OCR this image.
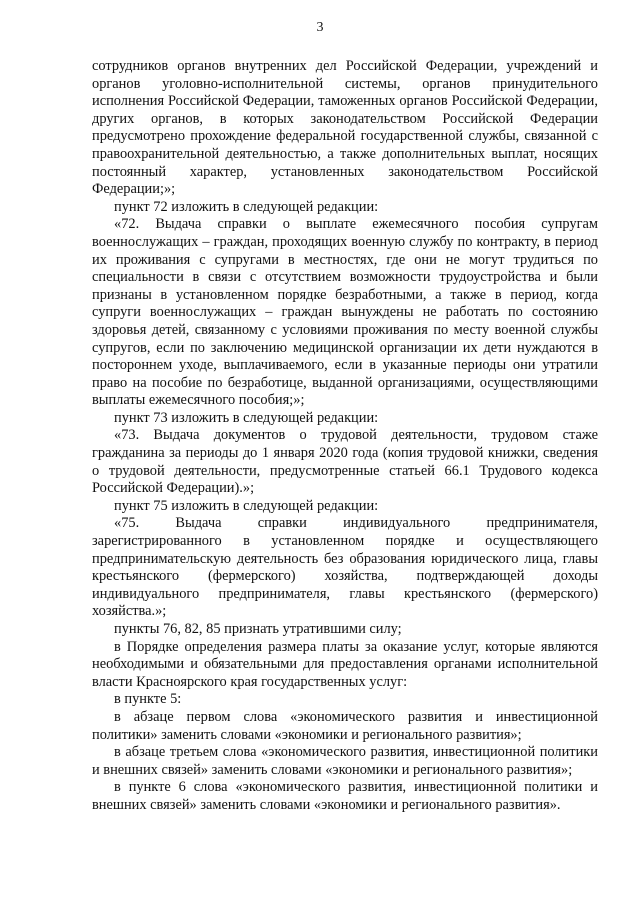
3

сотрудников органов внутренних дел Российской Федерации, учреждений и органов уголовно-исполнительной системы, органов принудительного исполнения Российской Федерации, таможенных органов Российской Федерации, других органов, в которых законодательством Российской Федерации предусмотрено прохождение федеральной государственной службы, связанной с правоохранительной деятельностью, а также дополнительных выплат, носящих постоянный характер, установленных законодательством Российской Федерации;»;

пункт 72 изложить в следующей редакции:

«72. Выдача справки о выплате ежемесячного пособия супругам военнослужащих – граждан, проходящих военную службу по контракту, в период их проживания с супругами в местностях, где они не могут трудиться по специальности в связи с отсутствием возможности трудоустройства и были признаны в установленном порядке безработными, а также в период, когда супруги военнослужащих – граждан вынуждены не работать по состоянию здоровья детей, связанному с условиями проживания по месту военной службы супругов, если по заключению медицинской организации их дети нуждаются в постороннем уходе, выплачиваемого, если в указанные периоды они утратили право на пособие по безработице, выданной организациями, осуществляющими выплаты ежемесячного пособия;»;

пункт 73 изложить в следующей редакции:

«73. Выдача документов о трудовой деятельности, трудовом стаже гражданина за периоды до 1 января 2020 года (копия трудовой книжки, сведения о трудовой деятельности, предусмотренные статьей 66.1 Трудового кодекса Российской Федерации).»;

пункт 75 изложить в следующей редакции:

«75. Выдача справки индивидуального предпринимателя, зарегистрированного в установленном порядке и осуществляющего предпринимательскую деятельность без образования юридического лица, главы крестьянского (фермерского) хозяйства, подтверждающей доходы индивидуального предпринимателя, главы крестьянского (фермерского) хозяйства.»;

пункты 76, 82, 85 признать утратившими силу;

в Порядке определения размера платы за оказание услуг, которые являются необходимыми и обязательными для предоставления органами исполнительной власти Красноярского края государственных услуг:

в пункте 5:

в абзаце первом слова «экономического развития и инвестиционной политики» заменить словами «экономики и регионального развития»;

в абзаце третьем слова «экономического развития, инвестиционной политики и внешних связей» заменить словами «экономики и регионального развития»;

в пункте 6 слова «экономического развития, инвестиционной политики и внешних связей» заменить словами «экономики и регионального развития».
